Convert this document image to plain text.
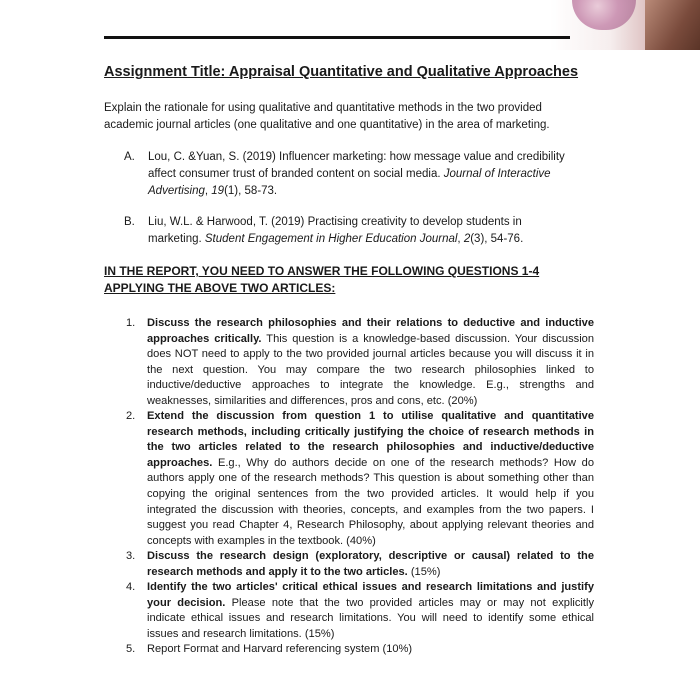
Assignment Title: Appraisal Quantitative and Qualitative Approaches
Explain the rationale for using qualitative and quantitative methods in the two provided academic journal articles (one qualitative and one quantitative) in the area of marketing.
A.	Lou, C. &Yuan, S. (2019) Influencer marketing: how message value and credibility affect consumer trust of branded content on social media. Journal of Interactive Advertising, 19(1), 58-73.
B.	Liu, W.L. & Harwood, T. (2019) Practising creativity to develop students in marketing. Student Engagement in Higher Education Journal, 2(3), 54-76.
IN THE REPORT, YOU NEED TO ANSWER THE FOLLOWING QUESTIONS 1-4 APPLYING THE ABOVE TWO ARTICLES:
1.	Discuss the research philosophies and their relations to deductive and inductive approaches critically. This question is a knowledge-based discussion. Your discussion does NOT need to apply to the two provided journal articles because you will discuss it in the next question. You may compare the two research philosophies linked to inductive/deductive approaches to integrate the knowledge. E.g., strengths and weaknesses, similarities and differences, pros and cons, etc. (20%)
2.	Extend the discussion from question 1 to utilise qualitative and quantitative research methods, including critically justifying the choice of research methods in the two articles related to the research philosophies and inductive/deductive approaches. E.g., Why do authors decide on one of the research methods? How do authors apply one of the research methods? This question is about something other than copying the original sentences from the two provided articles. It would help if you integrated the discussion with theories, concepts, and examples from the two papers. I suggest you read Chapter 4, Research Philosophy, about applying relevant theories and concepts with examples in the textbook. (40%)
3.	Discuss the research design (exploratory, descriptive or causal) related to the research methods and apply it to the two articles. (15%)
4.	Identify the two articles' critical ethical issues and research limitations and justify your decision. Please note that the two provided articles may or may not explicitly indicate ethical issues and research limitations. You will need to identify some ethical issues and research limitations. (15%)
5.	Report Format and Harvard referencing system (10%)
